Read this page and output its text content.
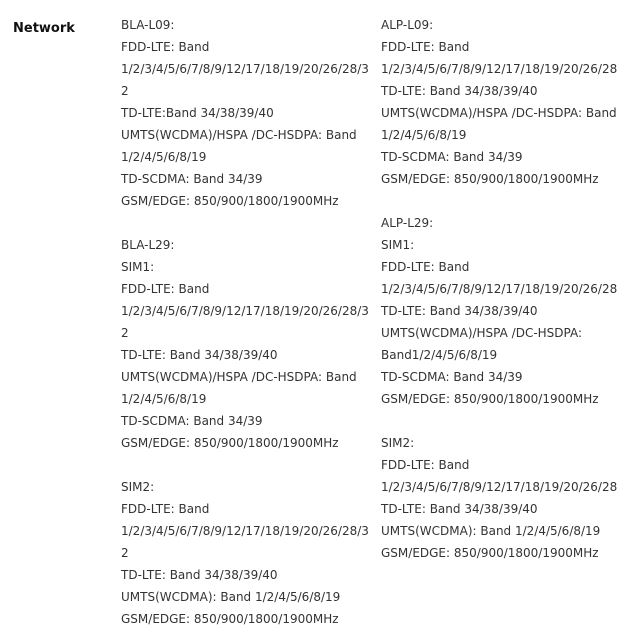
Network	BLA-L09:
FDD-LTE: Band
1/2/3/4/5/6/7/8/9/12/17/18/19/20/26/28/3
2
TD-LTE:Band 34/38/39/40
UMTS(WCDMA)/HSPA /DC-HSDPA: Band
1/2/4/5/6/8/19
TD-SCDMA: Band 34/39
GSM/EDGE: 850/900/1800/1900MHz
BLA-L29:
SIM1:
FDD-LTE: Band
1/2/3/4/5/6/7/8/9/12/17/18/19/20/26/28/3
2
TD-LTE: Band 34/38/39/40
UMTS(WCDMA)/HSPA /DC-HSDPA: Band
1/2/4/5/6/8/19
TD-SCDMA: Band 34/39
GSM/EDGE: 850/900/1800/1900MHz
SIM2:
FDD-LTE: Band
1/2/3/4/5/6/7/8/9/12/17/18/19/20/26/28/3
2
TD-LTE: Band 34/38/39/40
UMTS(WCDMA): Band 1/2/4/5/6/8/19
GSM/EDGE: 850/900/1800/1900MHz
ALP-L09:
FDD-LTE: Band
1/2/3/4/5/6/7/8/9/12/17/18/19/20/26/28
TD-LTE: Band 34/38/39/40
UMTS(WCDMA)/HSPA /DC-HSDPA: Band
1/2/4/5/6/8/19
TD-SCDMA: Band 34/39
GSM/EDGE: 850/900/1800/1900MHz
ALP-L29:
SIM1:
FDD-LTE: Band
1/2/3/4/5/6/7/8/9/12/17/18/19/20/26/28
TD-LTE: Band 34/38/39/40
UMTS(WCDMA)/HSPA /DC-HSDPA:
Band1/2/4/5/6/8/19
TD-SCDMA: Band 34/39
GSM/EDGE: 850/900/1800/1900MHz
SIM2:
FDD-LTE: Band
1/2/3/4/5/6/7/8/9/12/17/18/19/20/26/28
TD-LTE: Band 34/38/39/40
UMTS(WCDMA): Band 1/2/4/5/6/8/19
GSM/EDGE: 850/900/1800/1900MHz
